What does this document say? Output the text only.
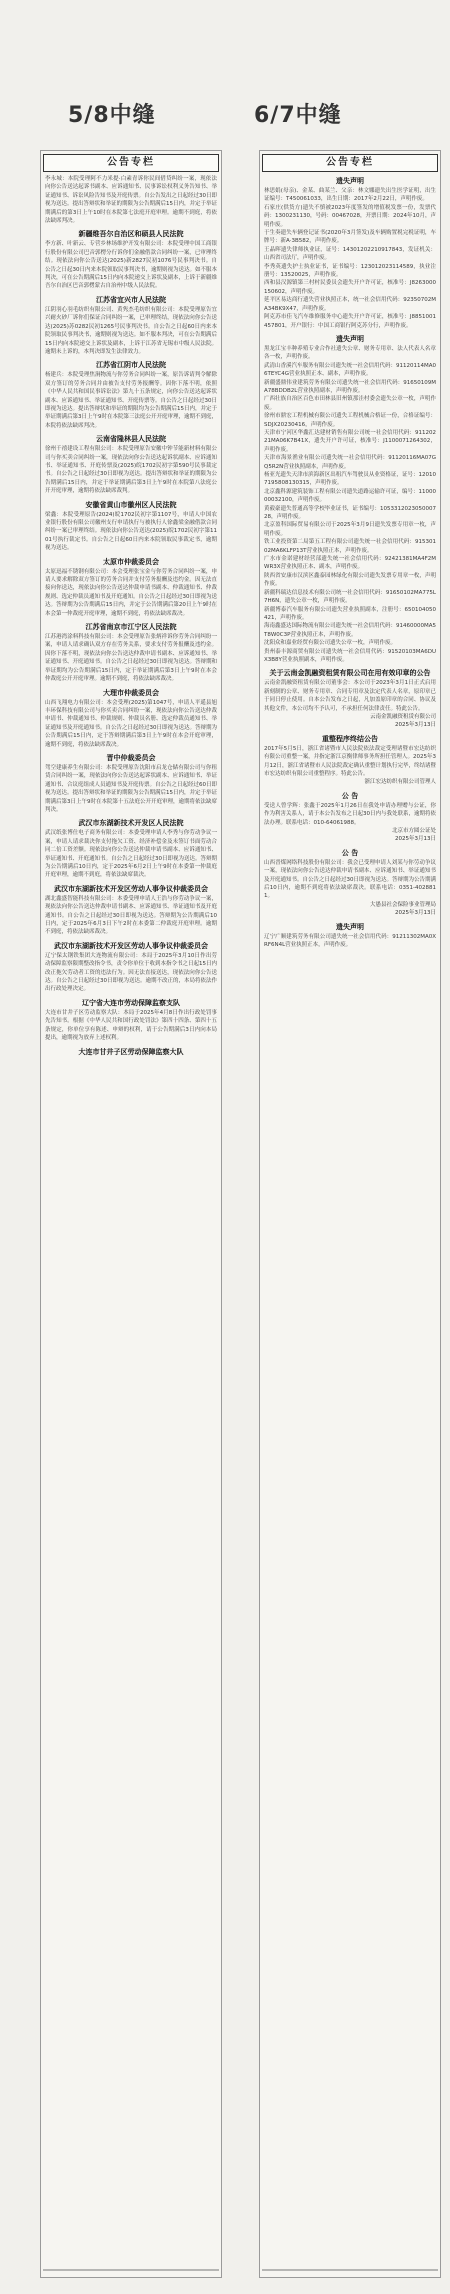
5/8中缝	6/7中缝
公告专栏

李永城：本院受理阿不力米提·白素青诉你民间借贷纠纷一案，现依法向你公告送达起诉书副本、应诉通知书、民事诉讼权利义务告知书、举证通知书、诉讼风险告知书及开庭传票。自公告发出之日起经过30日即视为送达。提出答辩状和举证的期限为公告期满后15日内，并定于举证期满后的第3日上午10时在本院第七法庭开庭审理。逾期不到庭，将依法缺席判决。

新疆维吾尔自治区和硕县人民法院

李方新、叶新云、专营乡林场维护开发有限公司：本院受理中国工商银行股份有限公司巴音郭楞分行诉你们金融借款合同纠纷一案，已审理终结。现依法向你公告送达(2025)新2827民初1076号民事判决书。自公告之日起30日内来本院领取民事判决书，逾期则视为送达。如不服本判决，可在公告期满后15日内向本院递交上诉状及副本，上诉于新疆维吾尔自治区巴音郭楞蒙古自治州中级人民法院。

江苏省宜兴市人民法院

江阴羽心羽毛纺织有限公司、黄隽杰毛纺织有限公司：本院受理原告宜兴耐火砂厂诉你们保证合同纠纷一案，已审理终结，现依法向你公告送达(2025)苏0282民初1265号民事判决书。自公告之日起60日内来本院领取民事判决书，逾期则视为送达。如不服本判决，可在公告期满后15日内向本院递交上诉状及副本，上诉于江苏省无锡市中级人民法院。逾期未上诉的，本判决即发生法律效力。

江苏省江阴市人民法院

杨建兵：本院受理焦涧物流与你劳务合同纠纷一案，原告诉请判令解除双方签订的劳务合同并由被告支付劳务报酬等。因你下落不明，依照《中华人民共和国民事诉讼法》第九十五条规定，向你公告送达起诉状副本、应诉通知书、举证通知书、开庭传票等。自公告之日起经过30日即视为送达。提出答辩状和举证的期限均为公告期满后15日内，并定于举证期满后第3日上午9时在本院第三法庭公开开庭审理，逾期不到庭，本院将依法缺席判决。

云南省隆林县人民法院

徐州千禧建设工程有限公司：本院受理原告安徽中钟节能新材料有限公司与你买卖合同纠纷一案，现依法向你公告送达起诉状副本、应诉通知书、举证通知书、开庭传票及(2025)皖1702民初字第590号民事裁定书。自公告之日起经过30日即视为送达。提出答辩状和举证的期限为公告期满后15日内，并定于举证期满后第3日上午9时在本院第八法庭公开开庭审理，逾期将依法缺席裁判。

安徽省黄山市徽州区人民法院

梁鑫：本院受理原告(2024)皖1702民初字第1107号，申请人中国农业银行股份有限公司徽州支行申请执行与被执行人徐鑫梁金融借款合同纠纷一案已审理终结。现依法向你公告送达(2025)皖1702民初字第1101号执行裁定书。自公告之日起60日内来本院领取民事裁定书，逾期视为送达。

太原市仲裁委员会

太原迅福不锈钢有限公司：本会受理张宝金与你劳务合同纠纷一案，申请人要求解除双方签订的劳务合同并支付劳务报酬及违约金。因无法直接向你送达，现依法向你公告送达仲裁申请书副本、仲裁通知书、仲裁规则、选定仲裁员通知书及开庭通知。自公告之日起经过30日即视为送达。答辩期为公告期满后15日内，并定于公告期满后第20日上午9时在本会第一仲裁庭开庭审理，逾期不到庭，将依法缺席裁决。

江苏省南京市江宁区人民法院

江苏港湾涂料科技有限公司：本会受理原告张炳祥诉你劳务合同纠纷一案，申请人请求确认双方存在劳务关系，要求支付劳务报酬及违约金。因你下落不明，现依法向你公告送达仲裁申请书副本、应诉通知书、举证通知书、开庭通知书。自公告之日起经过30日即视为送达。答辩期和举证期均为公告期满后15日内，定于举证期满后第3日上午9时在本会仲裁庭公开开庭审理。逾期不到庭，将依法缺席裁决。

大理市仲裁委员会

山西飞翔电力有限公司：本会受理(2025)第1047号，申请人平遥县旭丰环保科技有限公司与你买卖合同纠纷一案，现依法向你公告送达仲裁申请书、仲裁通知书、仲裁规则、仲裁员名册、选定仲裁员通知书、举证通知书及开庭通知书。自公告之日起经过30日即视为送达。答辩期为公告期满后15日内，定于答辩期满后第3日上午9时在本会开庭审理，逾期不到庭，将依法缺席裁决。

晋中仲裁委员会

驾空建康养生有限公司：本院受理原告沈阳市启龙仓储有限公司与你租赁合同纠纷一案，现依法向你公告送达起诉状副本、应诉通知书、举证通知书、合议庭组成人员通知书及开庭传票。自公告之日起经过60日即视为送达。提出答辩状和举证的期限为公告期满后15日内，并定于举证期满后第3日上午9时在本院第十五法庭公开开庭审理，逾期将依法缺席判决。

武汉市东湖新技术开发区人民法院

武汉纸张博仕电子商务有限公司：本委受理申请人李秀与你劳动争议一案，申请人请求裁决你支付拖欠工资、经济补偿金及未签订书面劳动合同二倍工资差额。现依法向你公告送达仲裁申请书副本、应诉通知书、举证通知书、开庭通知书。自公告之日起经过30日即视为送达。答辩期为公告期满后10日内，定于2025年6月2日上午9时在本委第一仲裁庭开庭审理，逾期不到庭，将依法缺席裁决。

武汉市东湖新技术开发区劳动人事争议仲裁委员会

湖北鑫盛智能科技有限公司：本委受理申请人王浩与你劳动争议一案，现依法向你公告送达仲裁申请书副本、应诉通知书、举证通知书及开庭通知书。自公告之日起经过30日即视为送达。答辩期为公告期满后10日内，定于2025年6月3日下午2时在本委第二仲裁庭开庭审理。逾期不到庭，将依法缺席裁决。

武汉市东湖新技术开发区劳动人事争议仲裁委员会

辽宁保太钢铁集团大连物流有限公司：本局于2025年3月10日作出劳动保障监察限期整改指令书，责令你单位于收到本指令书之日起15日内改正拖欠劳动者工资的违法行为。因无法直接送达，现依法向你公告送达。自公告之日起经过30日即视为送达。逾期不改正的，本局将依法作出行政处理决定。

辽宁省大连市劳动保障监察支队

大连市甘井子区劳动监察大队：本局于2025年4月8日作出行政处罚事先告知书。根据《中华人民共和国行政处罚法》第四十四条、第四十五条规定，你单位享有陈述、申辩的权利，请于公告期满后3日内向本局提出，逾期视为放弃上述权利。

大连市甘井子区劳动保障监察大队
公告专栏
遗失声明

林思娟(母亲)、金某、曲某兰、父亲：林文娜遗失出生医学证明，出生证编号：T450061033，出生日期：2017年2月22日，声明作废。

石家庄(供货方)遗失不慎被2023年度签发的增值税发票一份，发票代码：1300231130，号码：00467028，开票日期：2024年10月，声明作废。

于生奏遗失车辆登记证书(2020年3月签发)及车辆购置税完税证明，车牌号：新A·3B582，声明作废。

王晶晖遗失律师执业证，证号：14301202210917843，发证机关：山西省司法厅，声明作废。

李秀英遗失护士执业证书，证书编号：123012023114589，执业注册号：13520025，声明作废。

西和县汉源镇第三村村民委员会遗失开户许可证，核准号：J8263000150602，声明作废。

延平区易达商行遗失营业执照正本，统一社会信用代码：92350702MA34BK9X47，声明作废。

阿克苏市佳飞汽车维修服务中心遗失开户许可证，核准号：J8851001457801，开户银行：中国工商银行阿克苏分行，声明作废。

遗失声明

黑龙江宝丰种养殖专业合作社遗失公章、财务专用章、法人代表人名章各一枚，声明作废。

武清山香溪汽车服务有限公司遗失统一社会信用代码：91120114MA06TEYC4G营业执照正本、副本，声明作废。

新疆盛鼎伟业建筑劳务有限公司遗失统一社会信用代码：91650109MA78BDDB2L营业执照副本，声明作废。

广西壮族自治区百色市田林县旧州镇那洼村委会遗失公章一枚，声明作废。

徐州市鼎宏工程机械有限公司遗失工程机械合格证一份，合格证编号：SDJX20230416，声明作废。

天津市宁河区华鑫汇达建材销售有限公司统一社会信用代码：91120221MA06K7B41X，遗失开户许可证，核准号：J1100071264302，声明作废。

天津市海景渔业有限公司遗失统一社会信用代码：91120116MA07GQ5R2N营业执照副本，声明作废。

杨亚光遗失天津市滨海新区出租汽车驾驶员从业资格证，证号：120107195808130315，声明作废。

北京鑫科源建筑装饰工程有限公司遗失道路运输许可证，编号：1100000032100，声明作废。

黄毅豪遗失普通高等学校毕业证书，证书编号：105331202305000728，声明作废。

北京盈科国际贸易有限公司于2025年3月9日遗失发票专用章一枚，声明作废。

铁工业投资第二局第五工程有限公司遗失统一社会信用代码：91530102MA6KLFP13T营业执照正本，声明作废。

广水市金诺建材经营部遗失统一社会信用代码：92421381MA4F2MWR3X营业执照正本、副本，声明作废。

陕西省安康市汉滨区鑫泰园林绿化有限公司遗失发票专用章一枚，声明作废。

新疆科瑞达信息技术有限公司统一社会信用代码：91650102MA775L7H6N，遗失公章一枚，声明作废。

新疆博泰汽车服务有限公司遗失营业执照副本，注册号：650104050421，声明作废。

海南鑫盛达国际物流有限公司遗失统一社会信用代码：91460000MA5T8W0C3P营业执照正本，声明作废。

沈阳众和嘉业经贸有限公司遗失公章一枚，声明作废。

贵州泰丰源商贸有限公司遗失统一社会信用代码：91520103MA6DUX3B8Y营业执照副本，声明作废。

关于云南金凯融资租赁有限公司在用有效印章的公告

云南金凯融资租赁有限公司董事会：本公司于2023年3月1日正式启用新刻制的公章、财务专用章、合同专用章及法定代表人名章，原印章已于同日停止使用。自本公告发布之日起，凡加盖原印章的合同、协议及其他文件，本公司均不予认可，不承担任何法律责任。特此公告。

云南金凯融资租赁有限公司
2025年3月13日
重整程序终结公告

2017年5月5日，浙江省诸暨市人民法院依法裁定受理诸暨市宏达纺织有限公司重整一案，并指定浙江京衡律师事务所担任管理人。2025年3月12日，浙江省诸暨市人民法院裁定确认重整计划执行完毕，终结诸暨市宏达纺织有限公司重整程序。特此公告。

浙江宏达纺织有限公司管理人
公 告

受送人曾学辉：张鑫于2025年1月26日在我处申请办理赠与公证，你作为利害关系人，请于本公告发布之日起30日内与我处联系，逾期将依法办理。联系电话：010-64061988。

北京市方圆公证处
2025年3月13日
公 告

山西晋煤网络科技股份有限公司：我会已受理申请人刘某与你劳动争议一案，现依法向你公告送达仲裁申请书副本、应诉通知书、举证通知书及开庭通知书。自公告之日起经过30日即视为送达。答辩期为公告期满后10日内，逾期不到庭将依法缺席裁决。联系电话：0351-4028811。

大愚县社会保险事业管理局
2025年3月13日
遗失声明

辽宁广顺建筑劳务有限公司遗失统一社会信用代码：91211302MA0XRF6N4L营业执照正本，声明作废。
